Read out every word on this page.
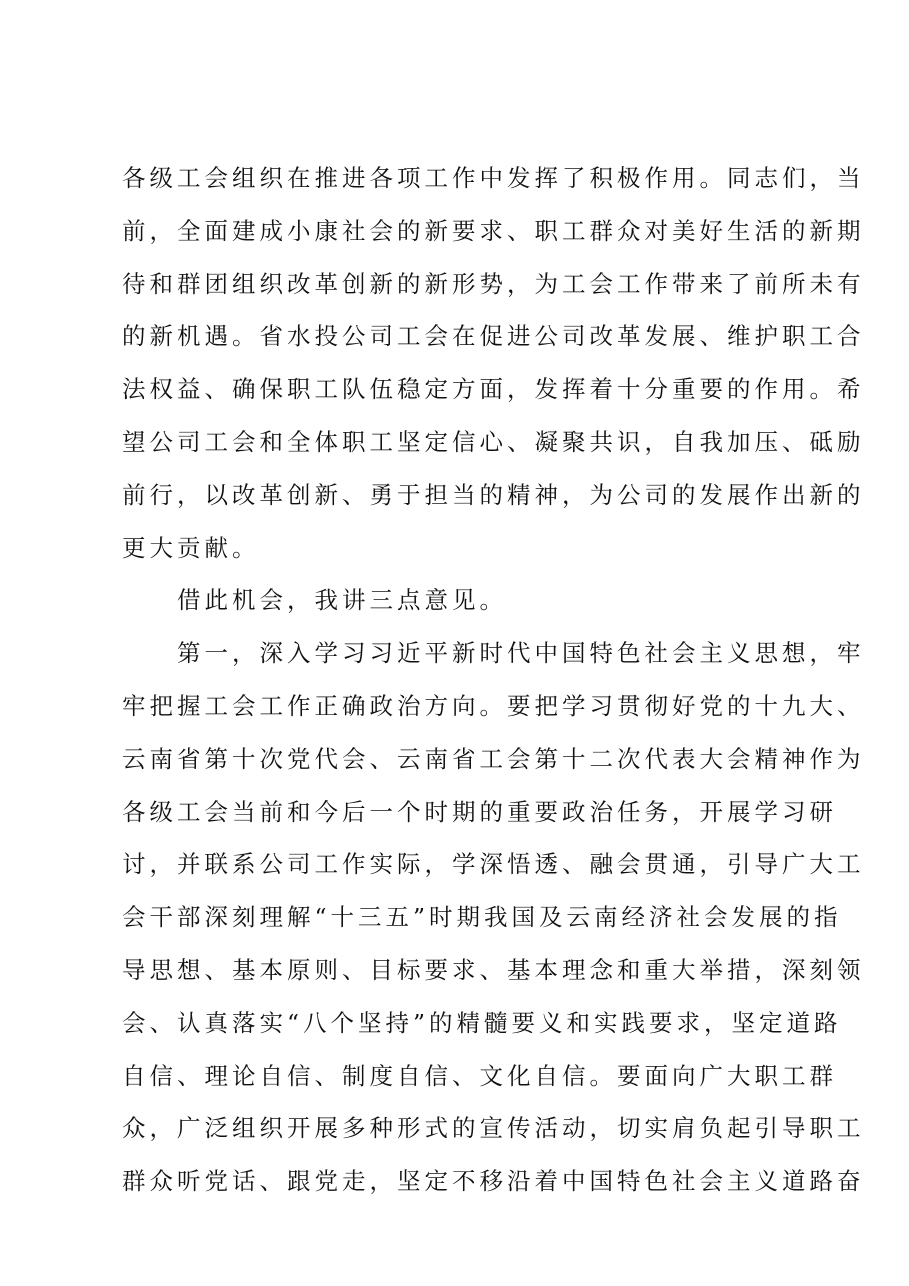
各级工会组织在推进各项工作中发挥了积极作用。同志们，当
前，全面建成小康社会的新要求、职工群众对美好生活的新期
待和群团组织改革创新的新形势，为工会工作带来了前所未有
的新机遇。省水投公司工会在促进公司改革发展、维护职工合
法权益、确保职工队伍稳定方面，发挥着十分重要的作用。希
望公司工会和全体职工坚定信心、凝聚共识，自我加压、砥励
前行，以改革创新、勇于担当的精神，为公司的发展作出新的
更大贡献。
　　借此机会，我讲三点意见。
　　第一，深入学习习近平新时代中国特色社会主义思想，牢
牢把握工会工作正确政治方向。要把学习贯彻好党的十九大、
云南省第十次党代会、云南省工会第十二次代表大会精神作为
各级工会当前和今后一个时期的重要政治任务，开展学习研
讨，并联系公司工作实际，学深悟透、融会贯通，引导广大工
会干部深刻理解“十三五”时期我国及云南经济社会发展的指
导思想、基本原则、目标要求、基本理念和重大举措，深刻领
会、认真落实“八个坚持”的精髓要义和实践要求，坚定道路
自信、理论自信、制度自信、文化自信。要面向广大职工群
众，广泛组织开展多种形式的宣传活动，切实肩负起引导职工
群众听党话、跟党走，坚定不移沿着中国特色社会主义道路奋
